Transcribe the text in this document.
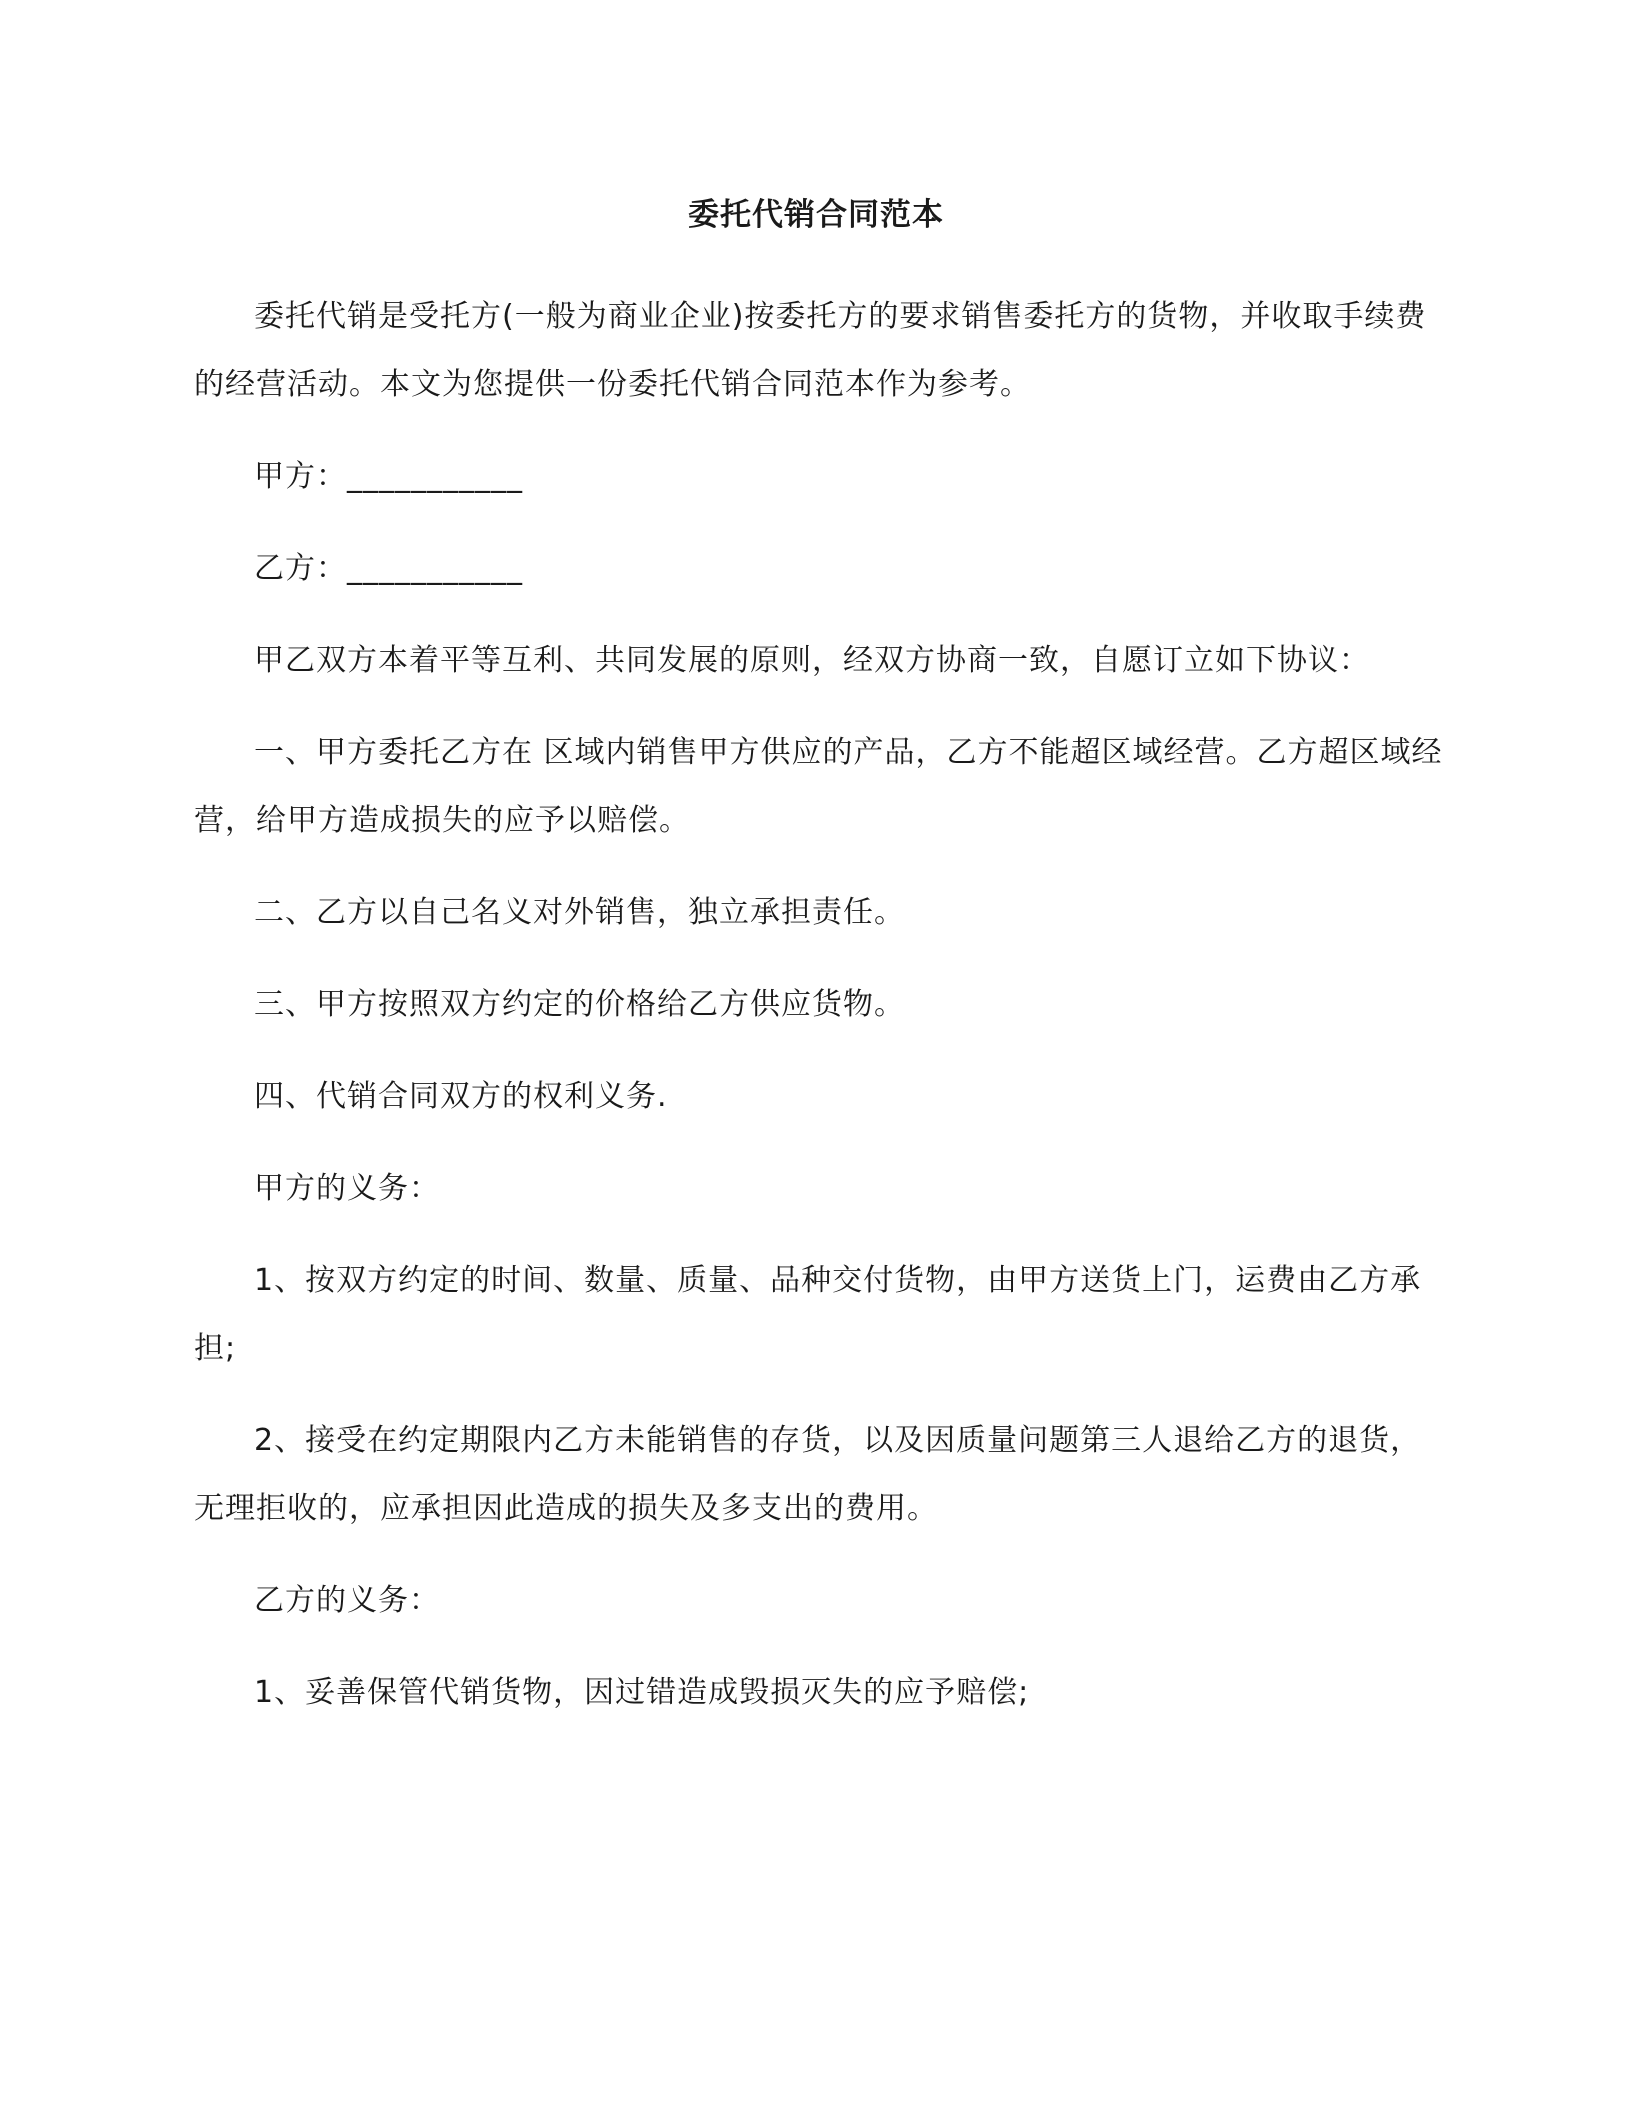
委托代销合同范本

委托代销是受托方(一般为商业企业)按委托方的要求销售委托方的货物，并收取手续费的经营活动。本文为您提供一份委托代销合同范本作为参考。

甲方：___________

乙方：___________

甲乙双方本着平等互利、共同发展的原则，经双方协商一致，自愿订立如下协议：

一、甲方委托乙方在 区域内销售甲方供应的产品，乙方不能超区域经营。乙方超区域经营，给甲方造成损失的应予以赔偿。

二、乙方以自己名义对外销售，独立承担责任。

三、甲方按照双方约定的价格给乙方供应货物。

四、代销合同双方的权利义务.

甲方的义务：

1、按双方约定的时间、数量、质量、品种交付货物，由甲方送货上门，运费由乙方承担;

2、接受在约定期限内乙方未能销售的存货，以及因质量问题第三人退给乙方的退货，无理拒收的，应承担因此造成的损失及多支出的费用。

乙方的义务：

1、妥善保管代销货物，因过错造成毁损灭失的应予赔偿;
